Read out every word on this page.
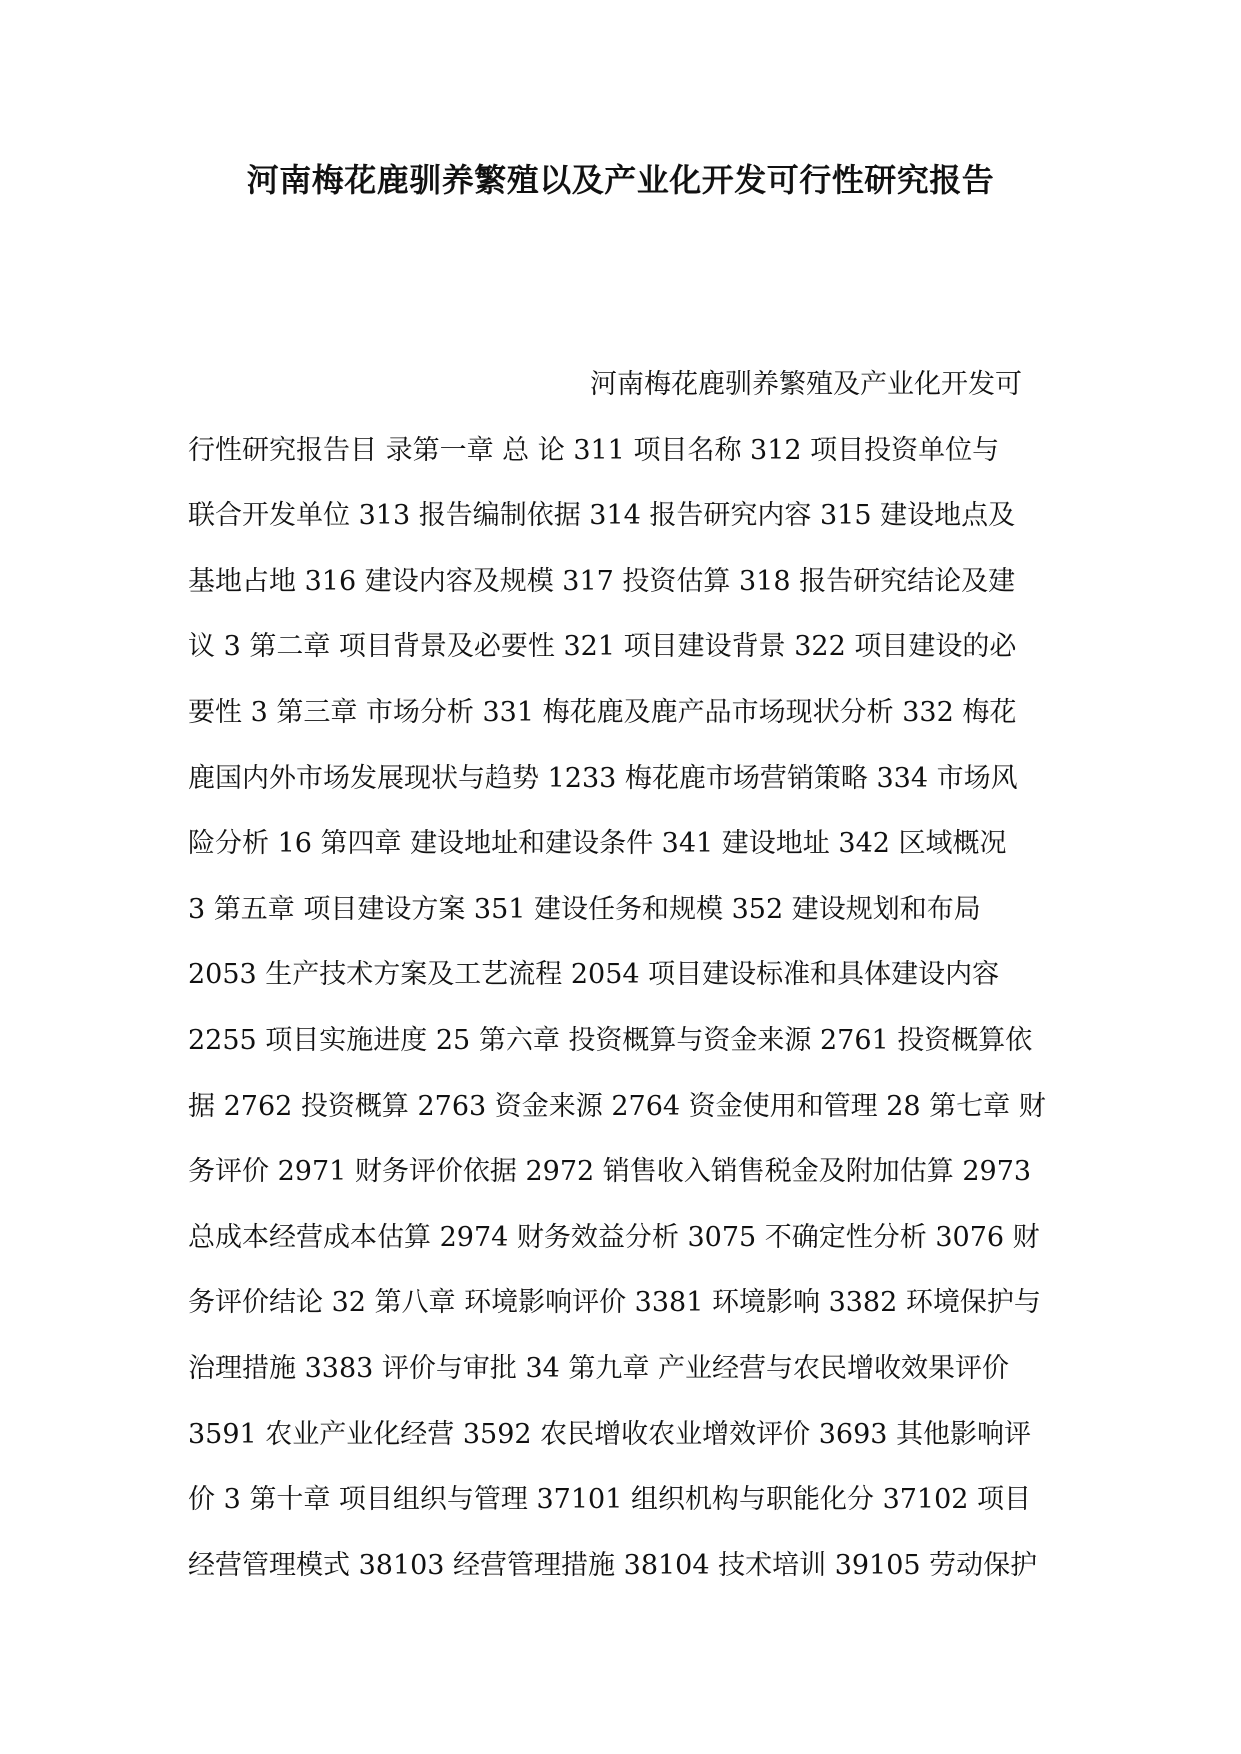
河南梅花鹿驯养繁殖以及产业化开发可行性研究报告
河南梅花鹿驯养繁殖及产业化开发可
行性研究报告目 录第一章 总 论 311 项目名称 312 项目投资单位与
联合开发单位 313 报告编制依据 314 报告研究内容 315 建设地点及
基地占地 316 建设内容及规模 317 投资估算 318 报告研究结论及建
议 3 第二章 项目背景及必要性 321 项目建设背景 322 项目建设的必
要性 3 第三章 市场分析 331 梅花鹿及鹿产品市场现状分析 332 梅花
鹿国内外市场发展现状与趋势 1233 梅花鹿市场营销策略 334 市场风
险分析 16 第四章 建设地址和建设条件 341 建设地址 342 区域概况
3 第五章 项目建设方案 351 建设任务和规模 352 建设规划和布局
2053 生产技术方案及工艺流程 2054 项目建设标准和具体建设内容
2255 项目实施进度 25 第六章 投资概算与资金来源 2761 投资概算依
据 2762 投资概算 2763 资金来源 2764 资金使用和管理 28 第七章 财
务评价 2971 财务评价依据 2972 销售收入销售税金及附加估算 2973
总成本经营成本估算 2974 财务效益分析 3075 不确定性分析 3076 财
务评价结论 32 第八章 环境影响评价 3381 环境影响 3382 环境保护与
治理措施 3383 评价与审批 34 第九章 产业经营与农民增收效果评价
3591 农业产业化经营 3592 农民增收农业增效评价 3693 其他影响评
价 3 第十章 项目组织与管理 37101 组织机构与职能化分 37102 项目
经营管理模式 38103 经营管理措施 38104 技术培训 39105 劳动保护
